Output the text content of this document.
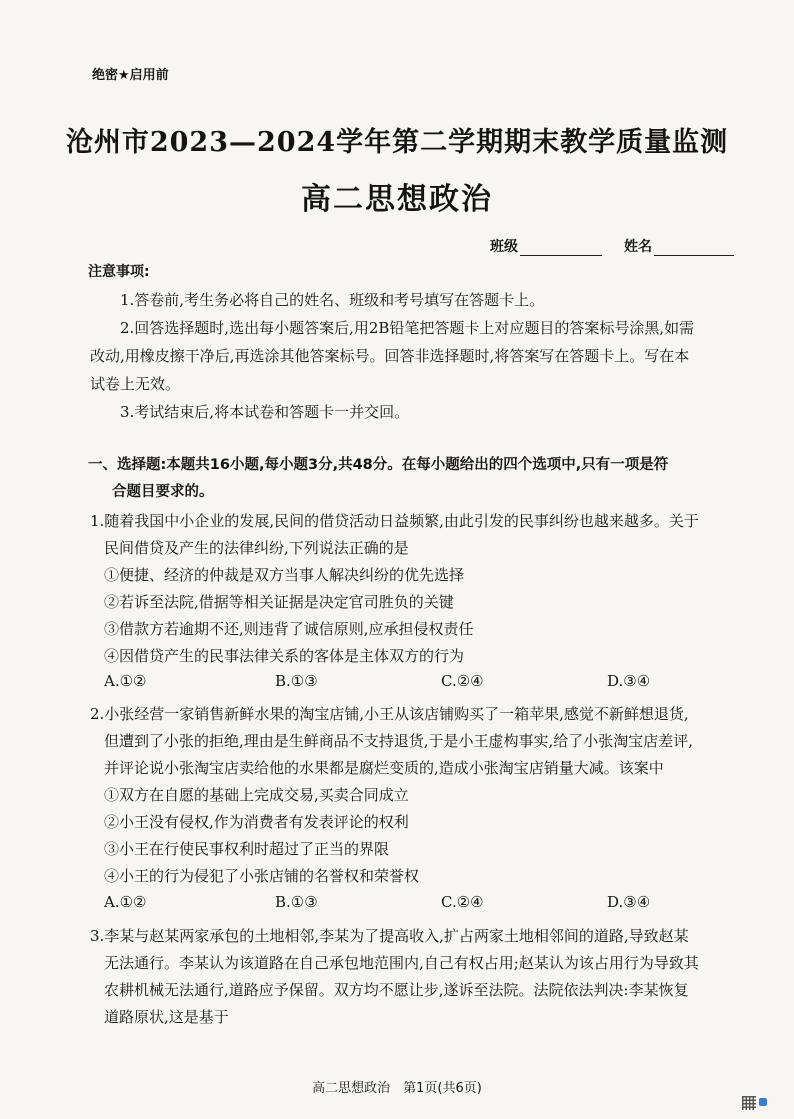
绝密★启用前
沧州市2023—2024学年第二学期期末教学质量监测
高二思想政治
班级	姓名
注意事项:
1.答卷前,考生务必将自己的姓名、班级和考号填写在答题卡上。
2.回答选择题时,选出每小题答案后,用2B铅笔把答题卡上对应题目的答案标号涂黑,如需
改动,用橡皮擦干净后,再选涂其他答案标号。回答非选择题时,将答案写在答题卡上。写在本
试卷上无效。
3.考试结束后,将本试卷和答题卡一并交回。
一、选择题:本题共16小题,每小题3分,共48分。在每小题给出的四个选项中,只有一项是符
合题目要求的。
1.随着我国中小企业的发展,民间的借贷活动日益频繁,由此引发的民事纠纷也越来越多。关于
民间借贷及产生的法律纠纷,下列说法正确的是
①便捷、经济的仲裁是双方当事人解决纠纷的优先选择
②若诉至法院,借据等相关证据是决定官司胜负的关键
③借款方若逾期不还,则违背了诚信原则,应承担侵权责任
④因借贷产生的民事法律关系的客体是主体双方的行为
A.①②	B.①③	C.②④	D.③④
2.小张经营一家销售新鲜水果的淘宝店铺,小王从该店铺购买了一箱苹果,感觉不新鲜想退货,
但遭到了小张的拒绝,理由是生鲜商品不支持退货,于是小王虚构事实,给了小张淘宝店差评,
并评论说小张淘宝店卖给他的水果都是腐烂变质的,造成小张淘宝店销量大减。该案中
①双方在自愿的基础上完成交易,买卖合同成立
②小王没有侵权,作为消费者有发表评论的权利
③小王在行使民事权利时超过了正当的界限
④小王的行为侵犯了小张店铺的名誉权和荣誉权
A.①②	B.①③	C.②④	D.③④
3.李某与赵某两家承包的土地相邻,李某为了提高收入,扩占两家土地相邻间的道路,导致赵某
无法通行。李某认为该道路在自己承包地范围内,自己有权占用;赵某认为该占用行为导致其
农耕机械无法通行,道路应予保留。双方均不愿让步,遂诉至法院。法院依法判决:李某恢复
道路原状,这是基于
高二思想政治　第1页(共6页)
